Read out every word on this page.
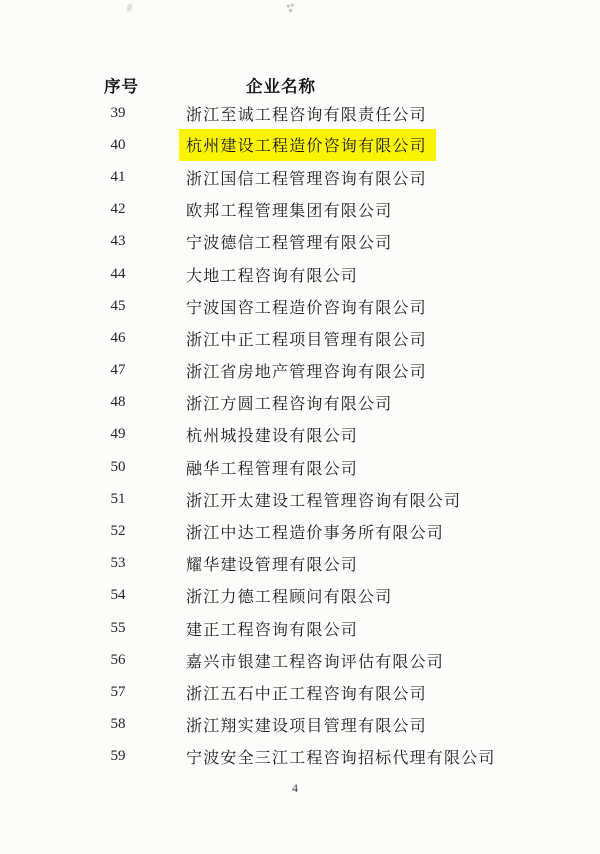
序号	企业名称
39	浙江至诚工程咨询有限责任公司
40	杭州建设工程造价咨询有限公司
41	浙江国信工程管理咨询有限公司
42	欧邦工程管理集团有限公司
43	宁波德信工程管理有限公司
44	大地工程咨询有限公司
45	宁波国咨工程造价咨询有限公司
46	浙江中正工程项目管理有限公司
47	浙江省房地产管理咨询有限公司
48	浙江方圆工程咨询有限公司
49	杭州城投建设有限公司
50	融华工程管理有限公司
51	浙江开太建设工程管理咨询有限公司
52	浙江中达工程造价事务所有限公司
53	耀华建设管理有限公司
54	浙江力德工程顾问有限公司
55	建正工程咨询有限公司
56	嘉兴市银建工程咨询评估有限公司
57	浙江五石中正工程咨询有限公司
58	浙江翔实建设项目管理有限公司
59	宁波安全三江工程咨询招标代理有限公司
4
